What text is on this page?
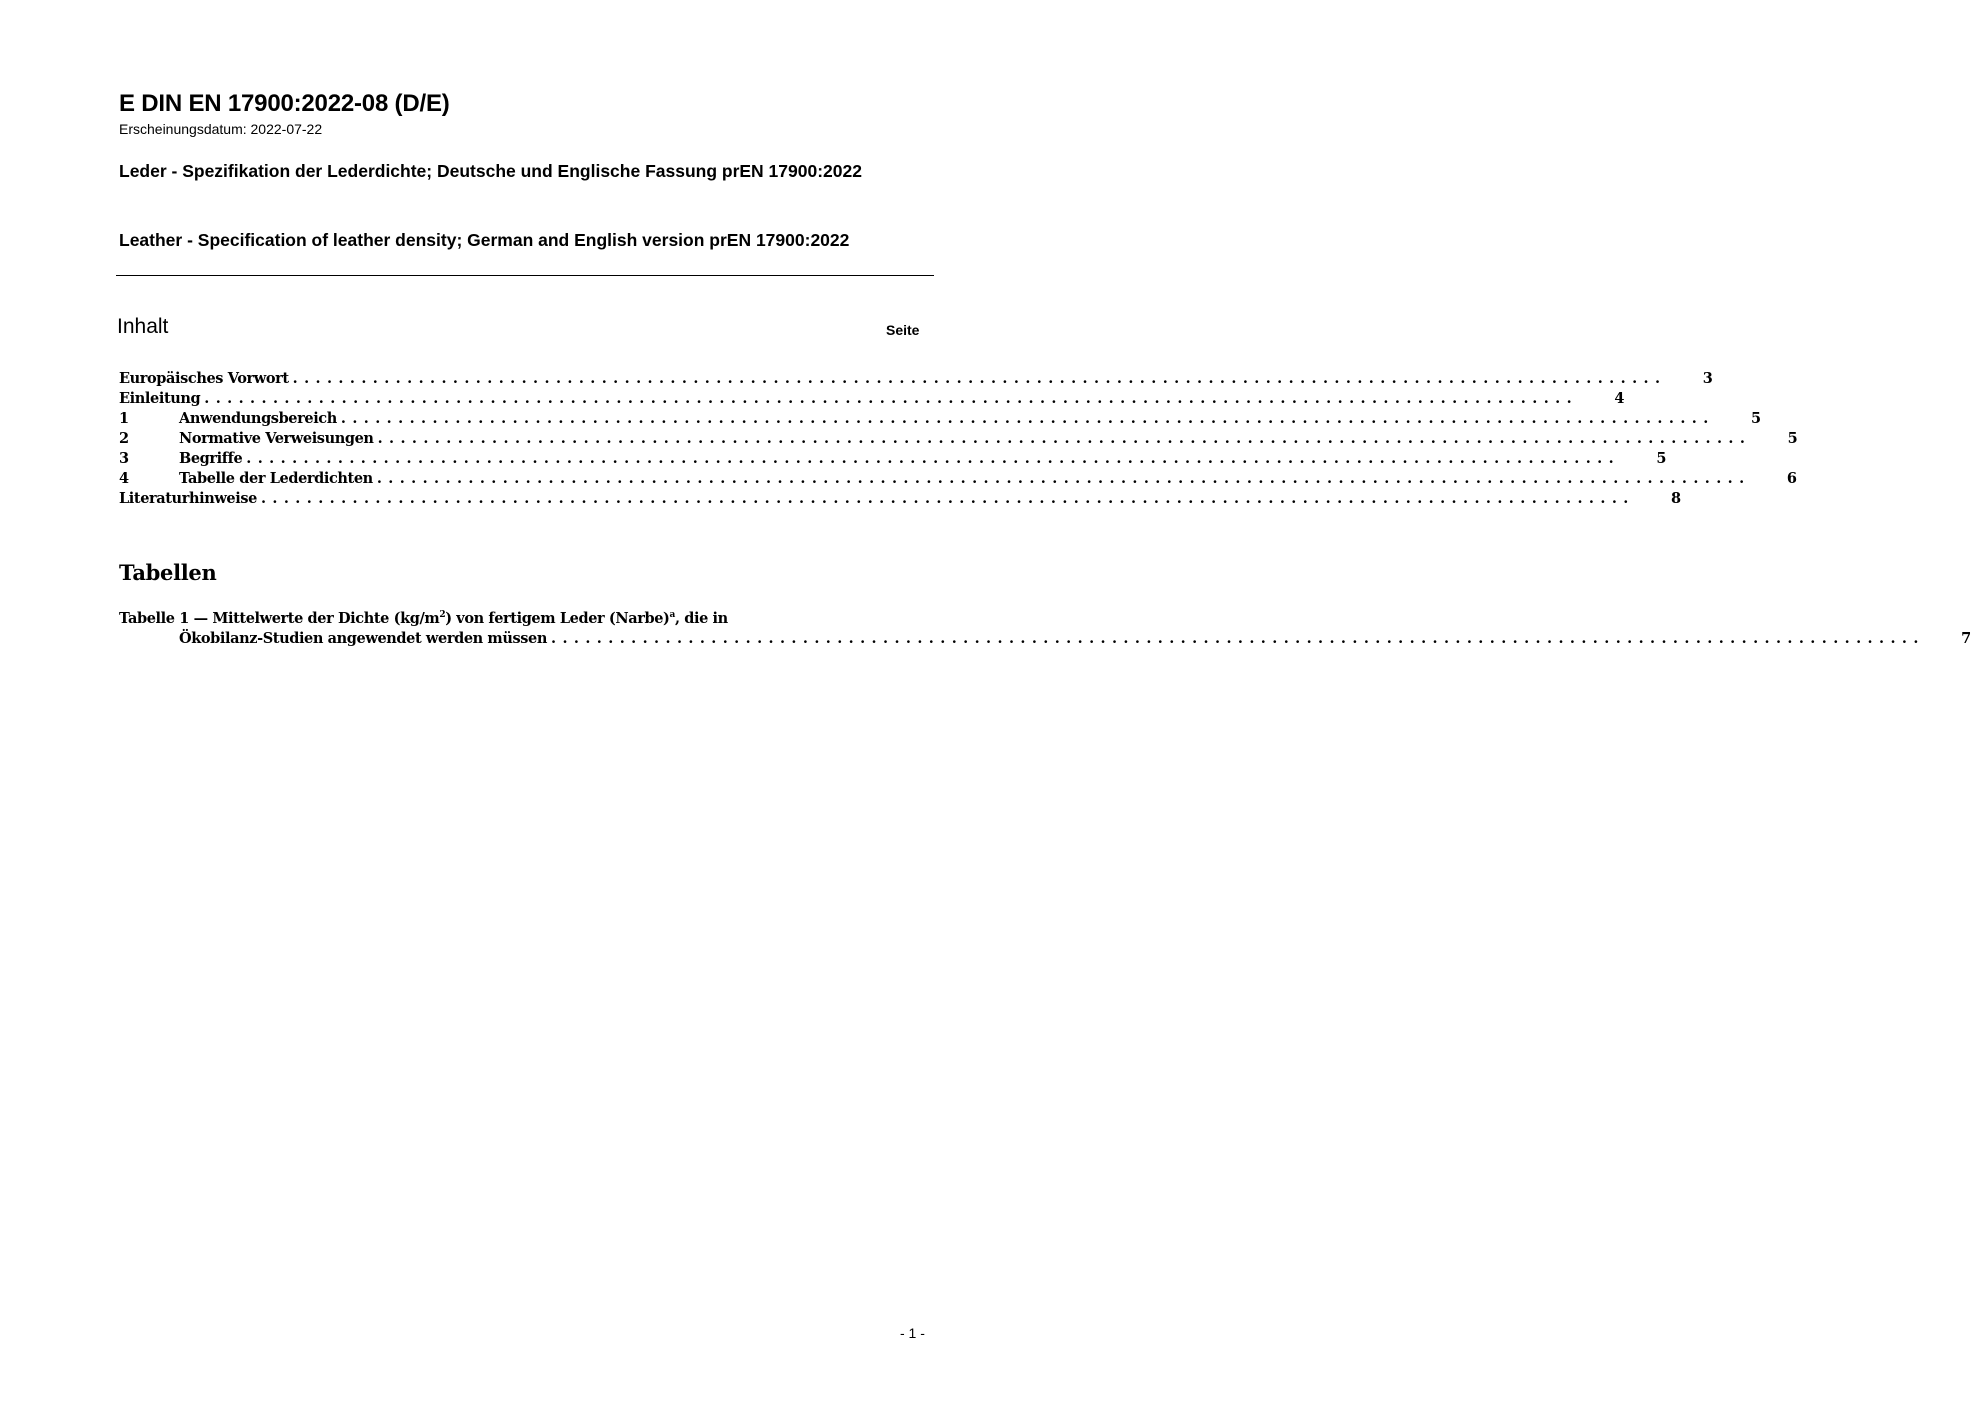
E DIN EN 17900:2022-08 (D/E)
Erscheinungsdatum: 2022-07-22
Leder - Spezifikation der Lederdichte; Deutsche und Englische Fassung prEN 17900:2022
Leather - Specification of leather density; German and English version prEN 17900:2022
Inhalt	Seite
Europäisches Vorwort ........................................................................................................................	3
Einleitung ........................................................................................................................	4
1	Anwendungsbereich ........................................................................................................................	5
2	Normative Verweisungen ........................................................................................................................	5
3	Begriffe ........................................................................................................................	5
4	Tabelle der Lederdichten ........................................................................................................................	6
Literaturhinweise ........................................................................................................................	8
Tabellen
Tabelle 1 — Mittelwerte der Dichte $(kg/m^2)$ von fertigem Leder (Narbe)$^a$, die in
Ökobilanz-Studien angewendet werden müssen ........................................................................................................................	7
- 1 -
